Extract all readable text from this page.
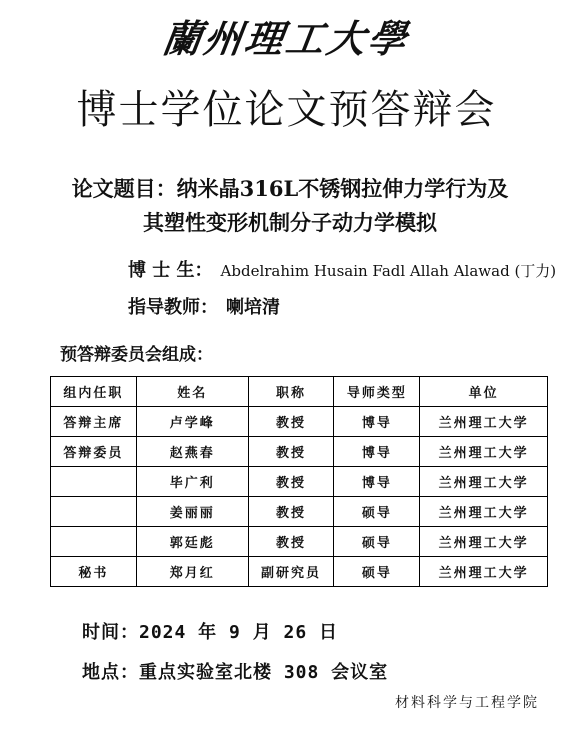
蘭州理工大學
博士学位论文预答辩会
论文题目：纳米晶316L不锈钢拉伸力学行为及
其塑性变形机制分子动力学模拟
博 士 生： Abdelrahim Husain Fadl Allah Alawad (丁力)
指导教师： 喇培清
预答辩委员会组成：
组内任职	姓名	职称	导师类型	单位
答辩主席	卢学峰	教授	博导	兰州理工大学
答辩委员	赵燕春	教授	博导	兰州理工大学
	毕广利	教授	博导	兰州理工大学
	姜丽丽	教授	硕导	兰州理工大学
	郭廷彪	教授	硕导	兰州理工大学
秘书	郑月红	副研究员	硕导	兰州理工大学
时间：2024 年 9 月 26 日
地点：重点实验室北楼 308 会议室
材料科学与工程学院
